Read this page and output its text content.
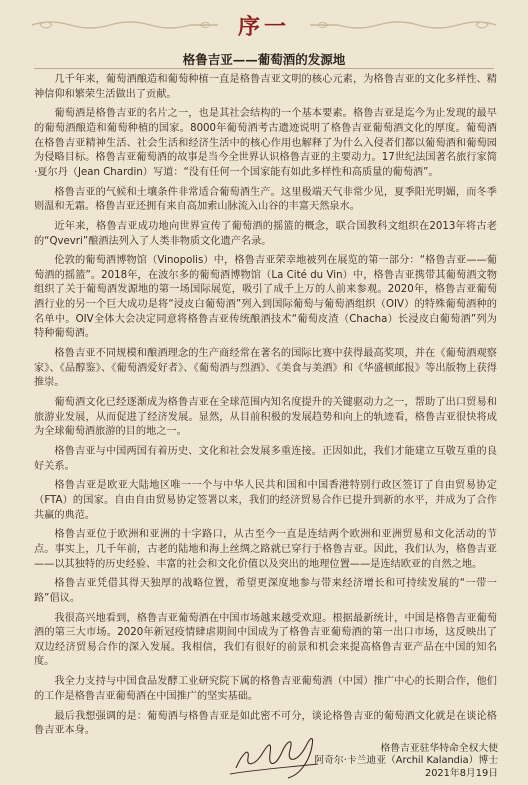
序一
格鲁吉亚——葡萄酒的发源地

几千年来，葡萄酒酿造和葡萄种植一直是格鲁吉亚文明的核心元素，为格鲁吉亚的文化多样性、精神信仰和繁荣生活做出了贡献。

葡萄酒是格鲁吉亚的名片之一，也是其社会结构的一个基本要素。格鲁吉亚是迄今为止发现的最早的葡萄酒酿造和葡萄种植的国家。8000年葡萄酒考古遗迹说明了格鲁吉亚葡萄酒文化的厚度。葡萄酒在格鲁吉亚精神生活、社会生活和经济生活中的核心作用也解释了为什么入侵者们都以葡萄酒和葡萄园为侵略目标。格鲁吉亚葡萄酒的故事是当今全世界认识格鲁吉亚的主要动力。17世纪法国著名旅行家简·夏尔丹（Jean Chardin）写道：“没有任何一个国家能有如此多样性和高质量的葡萄酒”。

格鲁吉亚的气候和土壤条件非常适合葡萄酒生产。这里极端天气非常少见，夏季阳光明媚，而冬季则温和无霜。格鲁吉亚还拥有来自高加索山脉流入山谷的丰富天然泉水。

近年来，格鲁吉亚成功地向世界宣传了葡萄酒的摇篮的概念，联合国教科文组织在2013年将古老的“Qvevri”酿酒法列入了人类非物质文化遗产名录。

伦敦的葡萄酒博物馆（Vinopolis）中，格鲁吉亚荣幸地被列在展览的第一部分：“格鲁吉亚——葡萄酒的摇篮”。2018年，在波尔多的葡萄酒博物馆（La Cité du Vin）中，格鲁吉亚携带其葡萄酒文物组织了关于葡萄酒发源地的第一场国际展览，吸引了成千上万的人前来参观。2020年，格鲁吉亚葡萄酒行业的另一个巨大成功是将“浸皮白葡萄酒”列入到国际葡萄与葡萄酒组织（OIV）的特殊葡萄酒种的名单中。OIV全体大会决定同意将格鲁吉亚传统酿酒技术“葡萄皮渣（Chacha）长浸皮白葡萄酒”列为特种葡萄酒。

格鲁吉亚不同规模和酿酒理念的生产商经常在著名的国际比赛中获得最高奖项，并在《葡萄酒观察家》、《品醇鉴》、《葡萄酒爱好者》、《葡萄酒与烈酒》、《美食与美酒》和《华盛顿邮报》等出版物上获得推崇。

葡萄酒文化已经逐渐成为格鲁吉亚在全球范围内知名度提升的关键驱动力之一，帮助了出口贸易和旅游业发展，从而促进了经济发展。显然，从目前积极的发展趋势和向上的轨迹看，格鲁吉亚很快将成为全球葡萄酒旅游的目的地之一。

格鲁吉亚与中国两国有着历史、文化和社会发展多重连接。正因如此，我们才能建立互敬互重的良好关系。

格鲁吉亚是欧亚大陆地区唯一一个与中华人民共和国和中国香港特别行政区签订了自由贸易协定（FTA）的国家。自由自由贸易协定签署以来，我们的经济贸易合作已提升到新的水平，并成为了合作共赢的典范。

格鲁吉亚位于欧洲和亚洲的十字路口，从古至今一直是连结两个欧洲和亚洲贸易和文化活动的节点。事实上，几千年前，古老的陆地和海上丝绸之路就已穿行于格鲁吉亚。因此，我们认为，格鲁吉亚——以其独特的历史经验、丰富的社会和文化价值以及突出的地理位置——是连结欧亚的自然之地。

格鲁吉亚凭借其得天独厚的战略位置，希望更深度地参与带来经济增长和可持续发展的“一带一路”倡议。

我很高兴地看到，格鲁吉亚葡萄酒在中国市场越来越受欢迎。根据最新统计，中国是格鲁吉亚葡萄酒的第三大市场。2020年新冠疫情肆虐期间中国成为了格鲁吉亚葡萄酒的第一出口市场，这反映出了双边经济贸易合作的深入发展。我相信，我们有很好的前景和机会来提高格鲁吉亚产品在中国的知名度。

我全力支持与中国食品发酵工业研究院下属的格鲁吉亚葡萄酒（中国）推广中心的长期合作，他们的工作是格鲁吉亚葡萄酒在中国推广的坚实基础。

最后我想强调的是：葡萄酒与格鲁吉亚是如此密不可分，谈论格鲁吉亚的葡萄酒文化就是在谈论格鲁吉亚本身。

格鲁吉亚驻华特命全权大使
阿奇尔·卡兰迪亚（Archil Kalandia）博士
2021年8月19日
